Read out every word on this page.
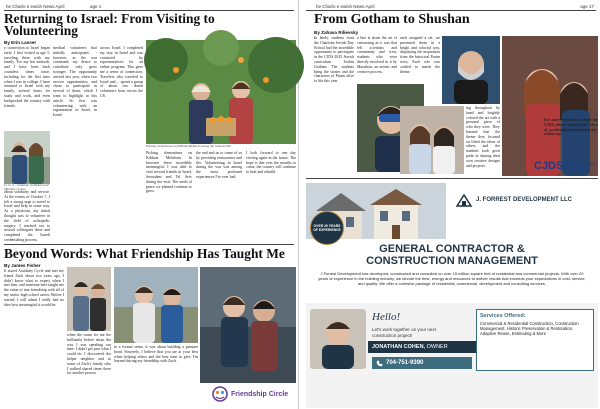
he Charlo e ewish News April	age 1
Returning to Israel: From Visiting to
Volunteering
By Erin Lasser
y connection to Israel began early. I first visited at age 5, traveling there with my family. For my bat mitzvah, and I have been back countless times since, including for the first time when I was in college. I have returned to Israel with my family, several times for study and work, and even backpacked the country with friends.
Lt. to rt.: Jonathan Goldstein and Michelle Crouse
about solidarity and service. At the events of October 7, I felt a strong urge to travel to Israel and help in some way. As a physician, my initial thought was to volunteer in the field of orthopedic surgery. I reached out to several colleagues there and completed the Israeli credentialing process.
medical volunteers that initially anticipated, - however, as the war continued, my desire to contribute only grew stronger. The opportunity arrived last year, when two service opportunities, and chose to participate in several of them, which I want to highlight in this article. So first was volunteering with an organization in Israel, in Israel.
across Israel. I completed my stay in Israel and was contacted by representatives for an online program. This gave me a sense of connection. Travelers who traveled to Israel and… spend a group of about two dozen volunteers from across the US.
Picking clementines on Kibbutz Mefalsim along the Gaza border
Picking clementines on Kibbutz Mefalsim. In between these incredibly meaningful, I was able to visit several friends in Israel, Jerusalem and Tel Aviv during the visit. The seeds of peace we planted continue to grow.
the end and us to come of us by providing reassurance and life. Volunteering in Israel during the war was among the most profound experiences I've ever had.
I look forward to one day visiting again in the future. The hope is that over the months to come, the country will continue to heal and rebuild.
Beyond Words: What Friendship Has Taught Me
By James Fisher
It stared Assiduity Cycle and met my friend Zach about two years ago. I didn't know what to expect when I met him, and someone here taught me the value of true friendship with all of my senior high school career. Before I started, I will admit I really had no idea how meaningful it would be.
when the cause for me the brilliantly before about the way I was speaking our time. I didn't get past what I could do. I discovered the helper neighbor and as some of Zach's family who I walked shared times there for another person.
in a formal sense, it was about building a genuine bond. Sincerely, I believe that you are at your best when helping others and the best time to give. I'm learned during my friendship with Zach.
Friendship Circle
he Charlo e ewish News April	age 17
From Gotham to Shushan
By Zahava Rilievsky
In lately, students from the Charlotte Jewish Day School had the incredible opportunity to participate in the CJDS 2025 Jewish curriculum Jordan Gotham. The students bring the stories and the characters of Purim alive to life this year.
a line is down the art of canvassing as it was that left scientists and community and crew, students who were directly involved in it by Marathon, an artistic and creative process.
each assigned a set, we presented them in a bright and colorful way, displaying the inspiration from the historical Purim story. Each role was crafted to match the theme.
ing throughout by hand and brightly colored the art with a personal piece of who they were. They learned that the theme they focused on lifted the ideas of others and the students took great pride in sharing their own creative designs and projects.
For more information about the CJDS, please contact Gail Cohen at g.cohen@charlottejewish-day-school.org.
CJDS Charlotte Jewish
Day School
OVER 20 YEARS
OF EXPERIENCE
J. FORREST DEVELOPMENT LLC
GENERAL CONTRACTOR &
CONSTRUCTION MANAGEMENT
J Forrest Development has developed, constructed and consulted on over 15 million square feet of residential and commercial projects. With over 20 years of experience in the building industry, we devote the time, energy and resources to deliver results that exceeds your expectations in cost, service, and quality. We offer a cohesive package of residential, commercial, development and consulting services.
Hello!
Let's work together on your next construction project!
JONATHAN COHEN, OWNER
704-751-9390
Services Offered:
Commercial & Residential Construction, Construction Management, Historic Preservation & Restoration, Adaptive Reuse, Estimating & More
